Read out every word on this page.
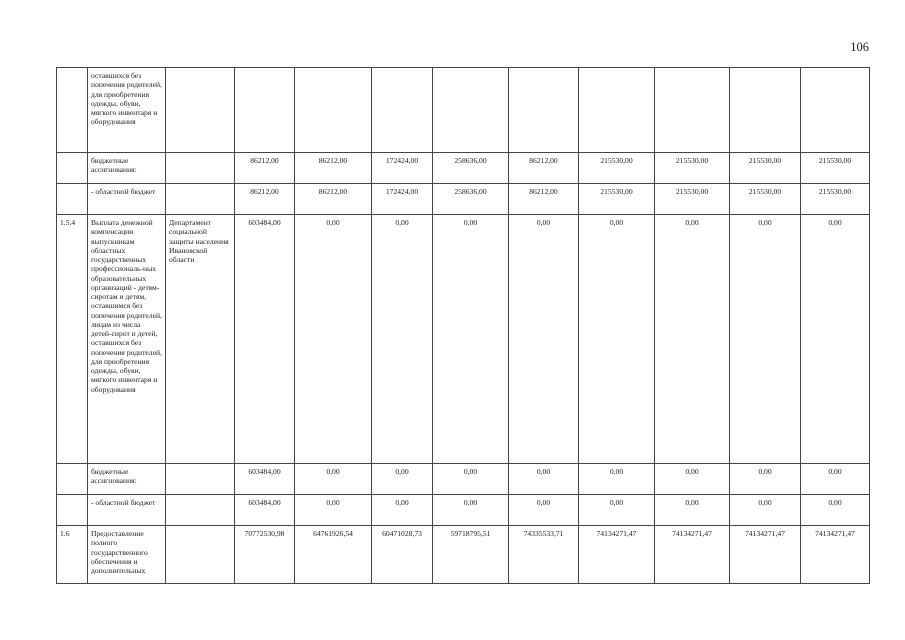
106
	оставшихся без попечения родителей, для приобретения одежды, обуви, мягкого инвентаря и оборудования										
	бюджетные ассигнования:		86212,00	86212,00	172424,00	258636,00	86212,00	215530,00	215530,00	215530,00	215530,00
	- областной бюджет		86212,00	86212,00	172424,00	258636,00	86212,00	215530,00	215530,00	215530,00	215530,00
1.5.4	Выплата денежной компенсации выпускникам областных государственных профессиональ-ных образовательных организаций - детям-сиротам и детям, оставшимся без попечения родителей, лицам из числа детей-сирот и детей, оставшихся без попечения родителей, для приобретения одежды, обуви, мягкого инвентаря и оборудования	Департамент социальной защиты населения Ивановской области	603484,00	0,00	0,00	0,00	0,00	0,00	0,00	0,00	0,00
	бюджетные ассигнования:		603484,00	0,00	0,00	0,00	0,00	0,00	0,00	0,00	0,00
	- областной бюджет		603484,00	0,00	0,00	0,00	0,00	0,00	0,00	0,00	0,00
1.6	Предоставление полного государственного обеспечения и дополнительных		70772530,98	64761926,54	60471028,73	59718795,51	74335533,71	74134271,47	74134271,47	74134271,47	74134271,47
